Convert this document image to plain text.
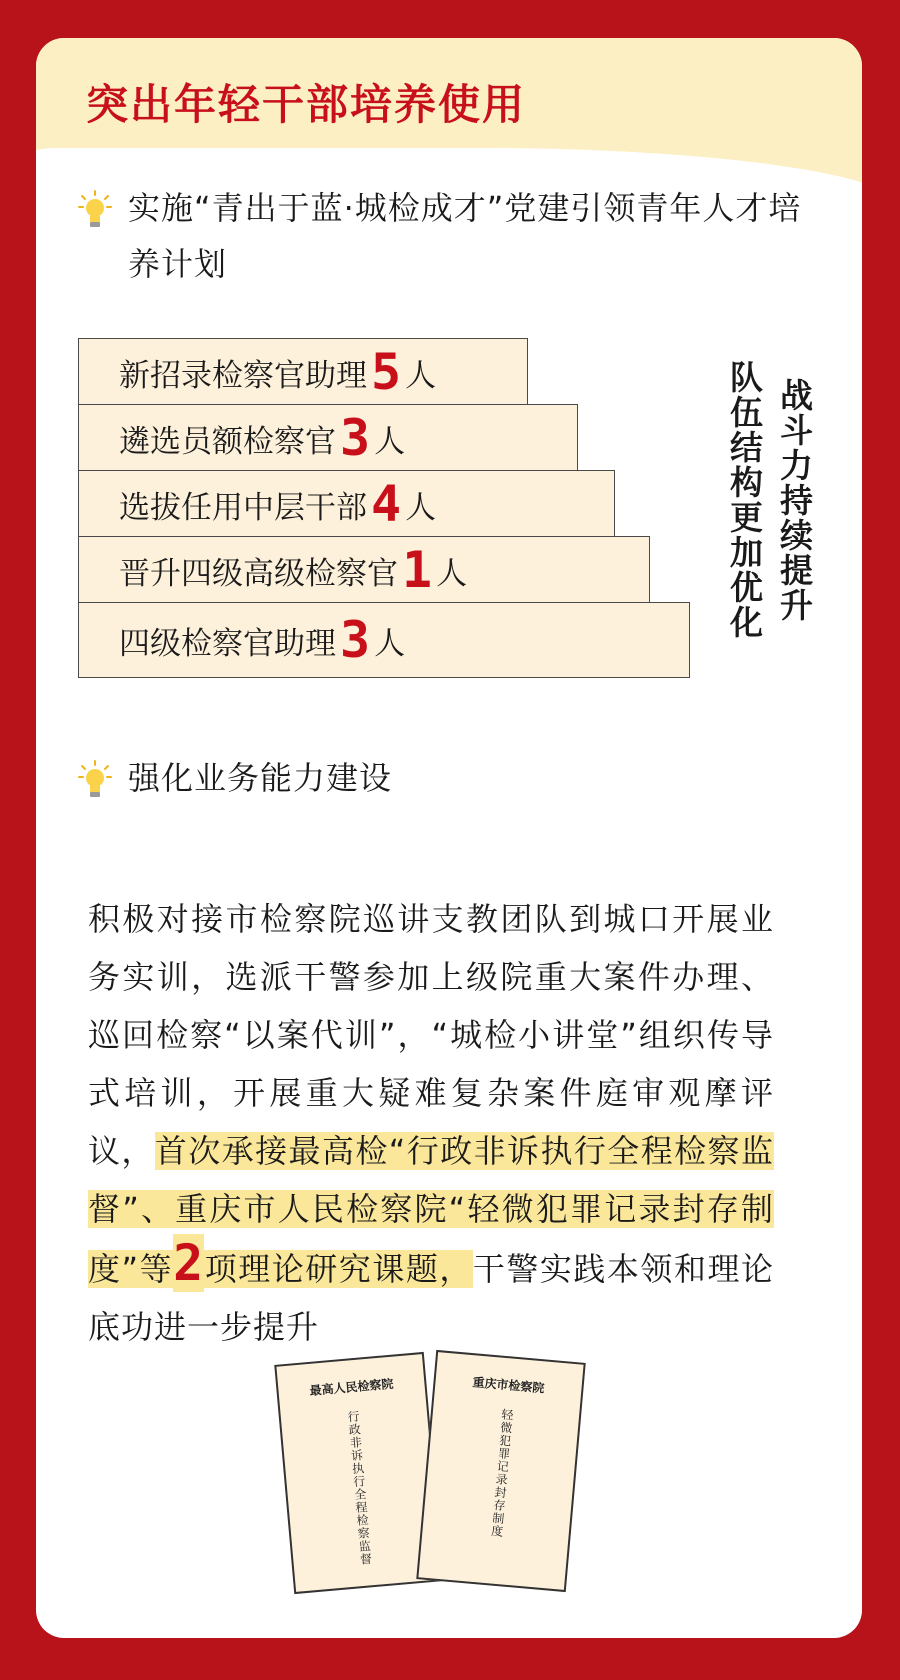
突出年轻干部培养使用
实施“青出于蓝·城检成才”党建引领青年人才培养计划
新招录检察官助理 5 人
遴选员额检察官 3 人
选拔任用中层干部 4 人
晋升四级高级检察官 1 人
四级检察官助理 3 人
队伍结构更加优化 战斗力持续提升
强化业务能力建设
积极对接市检察院巡讲支教团队到城口开展业务实训，选派干警参加上级院重大案件办理、巡回检察“以案代训”，“城检小讲堂”组织传导式培训，开展重大疑难复杂案件庭审观摩评议，首次承接最高检“行政非诉执行全程检察监督”、重庆市人民检察院“轻微犯罪记录封存制度”等2项理论研究课题，干警实践本领和理论底功进一步提升
最高人民检察院
行政非诉执行全程检察监督
重庆市检察院
轻微犯罪记录封存制度
